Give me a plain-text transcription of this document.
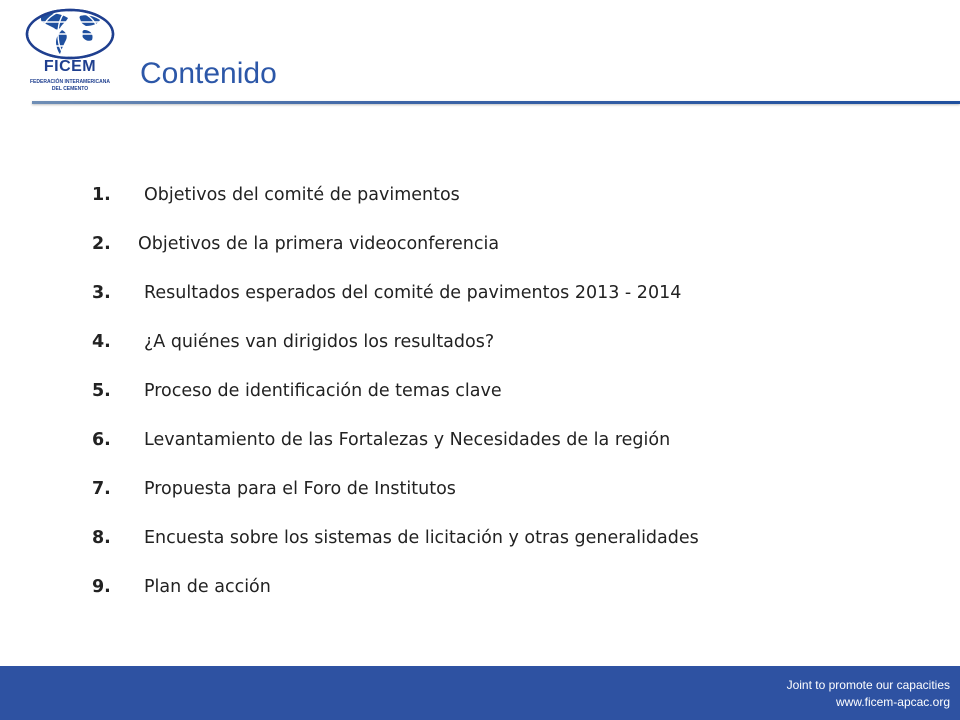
FICEM
FEDERACIÓN INTERAMERICANA
DEL CEMENTO	Contenido
1. Objetivos del comité de pavimentos
2. Objetivos de la primera videoconferencia
3. Resultados esperados del comité de pavimentos 2013 - 2014
4. ¿A quiénes van dirigidos los resultados?
5. Proceso de identificación de temas clave
6. Levantamiento de las Fortalezas y Necesidades de la región
7. Propuesta para el Foro de Institutos
8. Encuesta sobre los sistemas de licitación y otras generalidades
9. Plan de acción
Joint to promote our capacities
www.ficem-apcac.org
